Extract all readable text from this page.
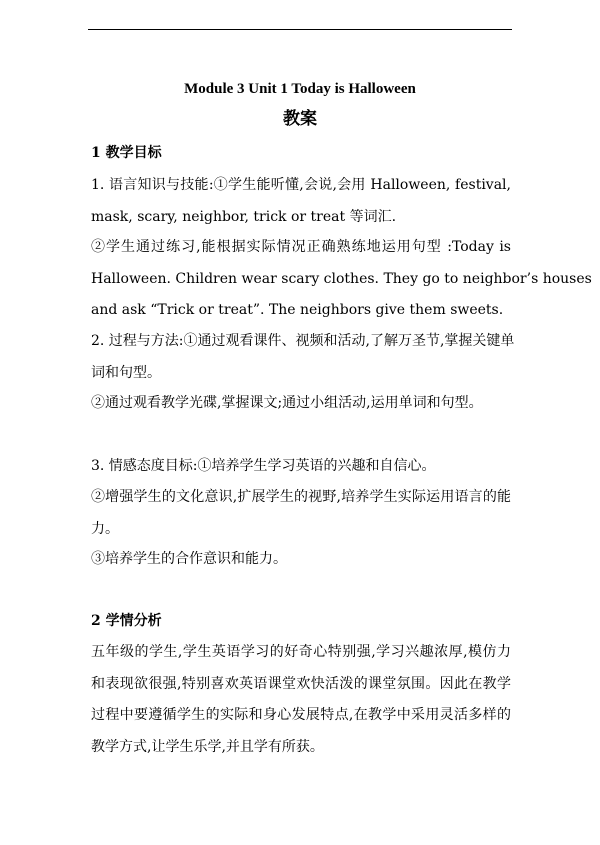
Module 3 Unit 1 Today is Halloween
教案
1 教学目标
1. 语言知识与技能:①学生能听懂,会说,会用 Halloween, festival,
mask, scary, neighbor, trick or treat 等词汇.
②学生通过练习,能根据实际情况正确熟练地运用句型 :Today is
Halloween. Children wear scary clothes. They go to neighbor’s houses
and ask “Trick or treat”. The neighbors give them sweets.
2. 过程与方法:①通过观看课件、视频和活动,了解万圣节,掌握关键单
词和句型。
②通过观看教学光碟,掌握课文;通过小组活动,运用单词和句型。
3. 情感态度目标:①培养学生学习英语的兴趣和自信心。
②增强学生的文化意识,扩展学生的视野,培养学生实际运用语言的能
力。
③培养学生的合作意识和能力。
2 学情分析
五年级的学生,学生英语学习的好奇心特别强,学习兴趣浓厚,模仿力
和表现欲很强,特别喜欢英语课堂欢快活泼的课堂氛围。因此在教学
过程中要遵循学生的实际和身心发展特点,在教学中采用灵活多样的
教学方式,让学生乐学,并且学有所获。
